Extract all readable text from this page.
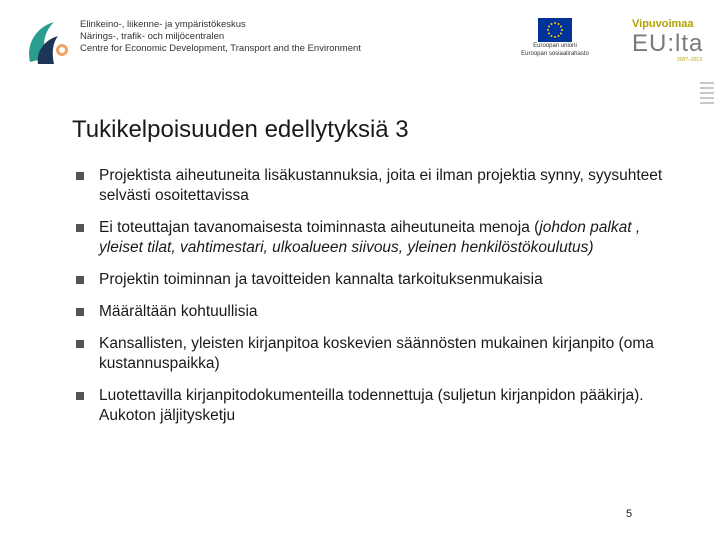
Elinkeino-, liikenne- ja ympäristökeskus
Närings-, trafik- och miljöcentralen
Centre for Economic Development, Transport and the Environment	Euroopan unioni
Euroopan sosiaalirahasto
Vipuvoimaa
EU:lta
2007–2013
Tukikelpoisuuden edellytyksiä 3
Projektista aiheutuneita lisäkustannuksia, joita ei ilman projektia synny, syysuhteet selvästi osoitettavissa
Ei toteuttajan tavanomaisesta toiminnasta aiheutuneita menoja (johdon palkat , yleiset tilat, vahtimestari, ulkoalueen siivous, yleinen henkilöstökoulutus)
Projektin toiminnan ja tavoitteiden kannalta tarkoituksenmukaisia
Määrältään kohtuullisia
Kansallisten, yleisten kirjanpitoa koskevien säännösten mukainen kirjanpito (oma kustannuspaikka)
Luotettavilla kirjanpitodokumenteilla todennettuja (suljetun kirjanpidon pääkirja). Aukoton jäljitysketju
5
